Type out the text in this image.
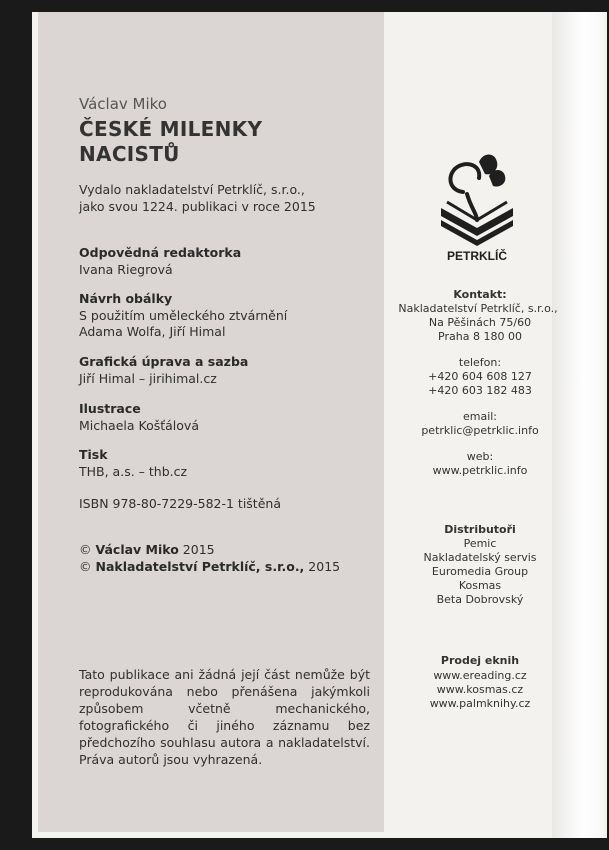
Václav Miko
ČESKÉ MILENKY
NACISTŮ
Vydalo nakladatelství Petrklíč, s.r.o.,
jako svou 1224. publikaci v roce 2015
Odpovědná redaktorka
Ivana Riegrová
Návrh obálky
S použitím uměleckého ztvárnění
Adama Wolfa, Jiří Himal
Grafická úprava a sazba
Jiří Himal – jirihimal.cz
Ilustrace
Michaela Košťálová
Tisk
THB, a.s. – thb.cz
ISBN 978-80-7229-582-1 tištěná
© Václav Miko 2015
© Nakladatelství Petrklíč, s.r.o., 2015
Tato publikace ani žádná její část nemůže být reprodukována nebo přenášena jakýmkoli způsobem včetně mechanického, fotografického či jiného záznamu bez předchozího souhlasu autora a nakladatelství. Práva autorů jsou vyhrazená.
PETRKLÍČ
Kontakt:
Nakladatelství Petrklíč, s.r.o.,
Na Pěšinách 75/60
Praha 8 180 00
telefon:
+420 604 608 127
+420 603 182 483
email:
petrklic@petrklic.info
web:
www.petrklic.info
Distributoři
Pemic
Nakladatelský servis
Euromedia Group
Kosmas
Beta Dobrovský
Prodej eknih
www.ereading.cz
www.kosmas.cz
www.palmknihy.cz
